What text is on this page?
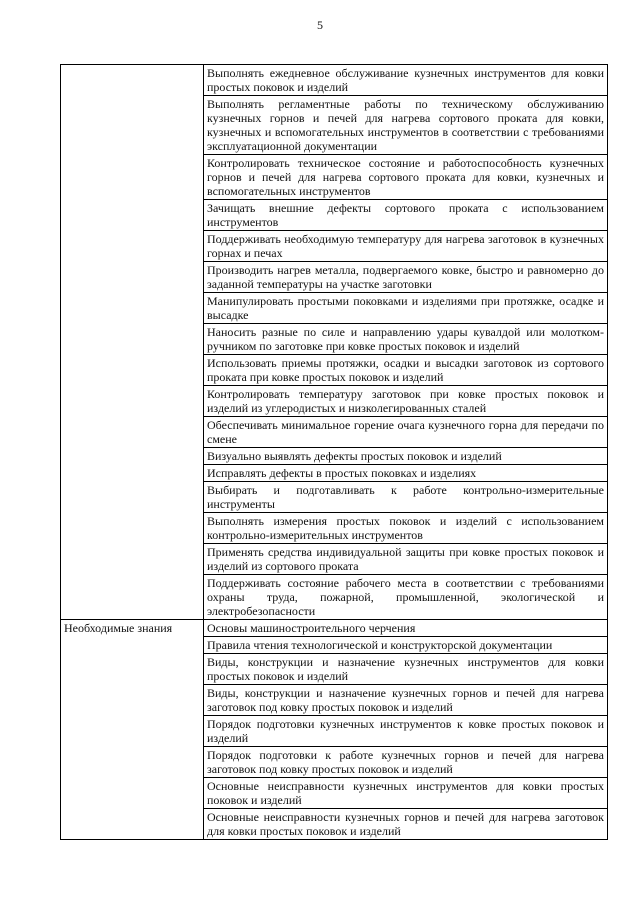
5
	Выполнять ежедневное обслуживание кузнечных инструментов для ковки простых поковок и изделий
	Выполнять регламентные работы по техническому обслуживанию кузнечных горнов и печей для нагрева сортового проката для ковки, кузнечных и вспомогательных инструментов в соответствии с требованиями эксплуатационной документации
	Контролировать техническое состояние и работоспособность кузнечных горнов и печей для нагрева сортового проката для ковки, кузнечных и вспомогательных инструментов
	Зачищать внешние дефекты сортового проката с использованием инструментов
	Поддерживать необходимую температуру для нагрева заготовок в кузнечных горнах и печах
	Производить нагрев металла, подвергаемого ковке, быстро и равномерно до заданной температуры на участке заготовки
	Манипулировать простыми поковками и изделиями при протяжке, осадке и высадке
	Наносить разные по силе и направлению удары кувалдой или молотком-ручником по заготовке при ковке простых поковок и изделий
	Использовать приемы протяжки, осадки и высадки заготовок из сортового проката при ковке простых поковок и изделий
	Контролировать температуру заготовок при ковке простых поковок и изделий из углеродистых и низколегированных сталей
	Обеспечивать минимальное горение очага кузнечного горна для передачи по смене
	Визуально выявлять дефекты простых поковок и изделий
	Исправлять дефекты в простых поковках и изделиях
	Выбирать и подготавливать к работе контрольно-измерительные инструменты
	Выполнять измерения простых поковок и изделий с использованием контрольно-измерительных инструментов
	Применять средства индивидуальной защиты при ковке простых поковок и изделий из сортового проката
	Поддерживать состояние рабочего места в соответствии с требованиями охраны труда, пожарной, промышленной, экологической и электробезопасности
Необходимые знания	Основы машиностроительного черчения
	Правила чтения технологической и конструкторской документации
	Виды, конструкции и назначение кузнечных инструментов для ковки простых поковок и изделий
	Виды, конструкции и назначение кузнечных горнов и печей для нагрева заготовок под ковку простых поковок и изделий
	Порядок подготовки кузнечных инструментов к ковке простых поковок и изделий
	Порядок подготовки к работе кузнечных горнов и печей для нагрева заготовок под ковку простых поковок и изделий
	Основные неисправности кузнечных инструментов для ковки простых поковок и изделий
	Основные неисправности кузнечных горнов и печей для нагрева заготовок для ковки простых поковок и изделий
